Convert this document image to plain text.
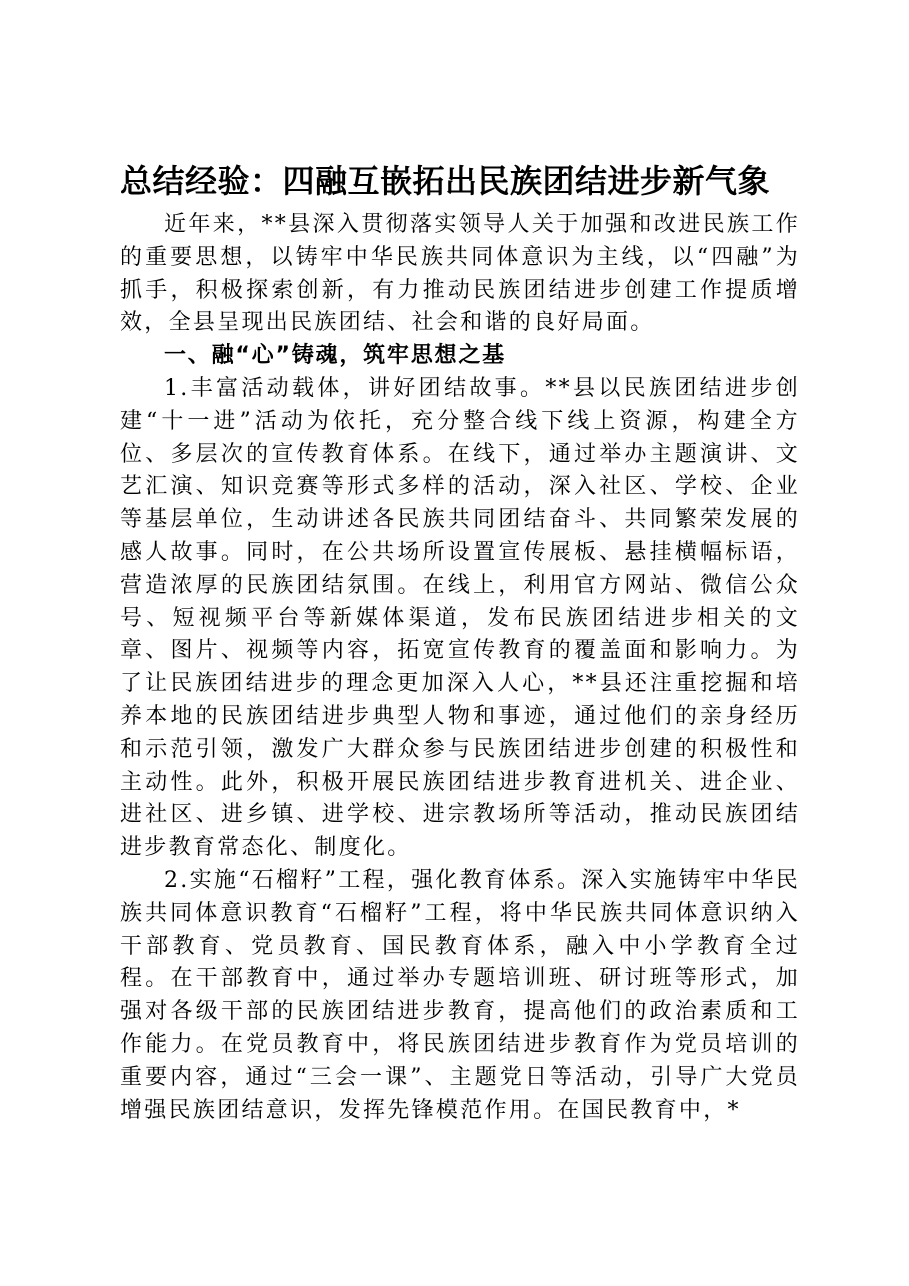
总结经验：四融互嵌拓出民族团结进步新气象

近年来，**县深入贯彻落实领导人关于加强和改进民族工作的重要思想，以铸牢中华民族共同体意识为主线，以“四融”为抓手，积极探索创新，有力推动民族团结进步创建工作提质增效，全县呈现出民族团结、社会和谐的良好局面。

一、融“心”铸魂，筑牢思想之基

1.丰富活动载体，讲好团结故事。**县以民族团结进步创建“十一进”活动为依托，充分整合线下线上资源，构建全方位、多层次的宣传教育体系。在线下，通过举办主题演讲、文艺汇演、知识竞赛等形式多样的活动，深入社区、学校、企业等基层单位，生动讲述各民族共同团结奋斗、共同繁荣发展的感人故事。同时，在公共场所设置宣传展板、悬挂横幅标语，营造浓厚的民族团结氛围。在线上，利用官方网站、微信公众号、短视频平台等新媒体渠道，发布民族团结进步相关的文章、图片、视频等内容，拓宽宣传教育的覆盖面和影响力。为了让民族团结进步的理念更加深入人心，**县还注重挖掘和培养本地的民族团结进步典型人物和事迹，通过他们的亲身经历和示范引领，激发广大群众参与民族团结进步创建的积极性和主动性。此外，积极开展民族团结进步教育进机关、进企业、进社区、进乡镇、进学校、进宗教场所等活动，推动民族团结进步教育常态化、制度化。

2.实施“石榴籽”工程，强化教育体系。深入实施铸牢中华民族共同体意识教育“石榴籽”工程，将中华民族共同体意识纳入干部教育、党员教育、国民教育体系，融入中小学教育全过程。在干部教育中，通过举办专题培训班、研讨班等形式，加强对各级干部的民族团结进步教育，提高他们的政治素质和工作能力。在党员教育中，将民族团结进步教育作为党员培训的重要内容，通过“三会一课”、主题党日等活动，引导广大党员增强民族团结意识，发挥先锋模范作用。在国民教育中，*
